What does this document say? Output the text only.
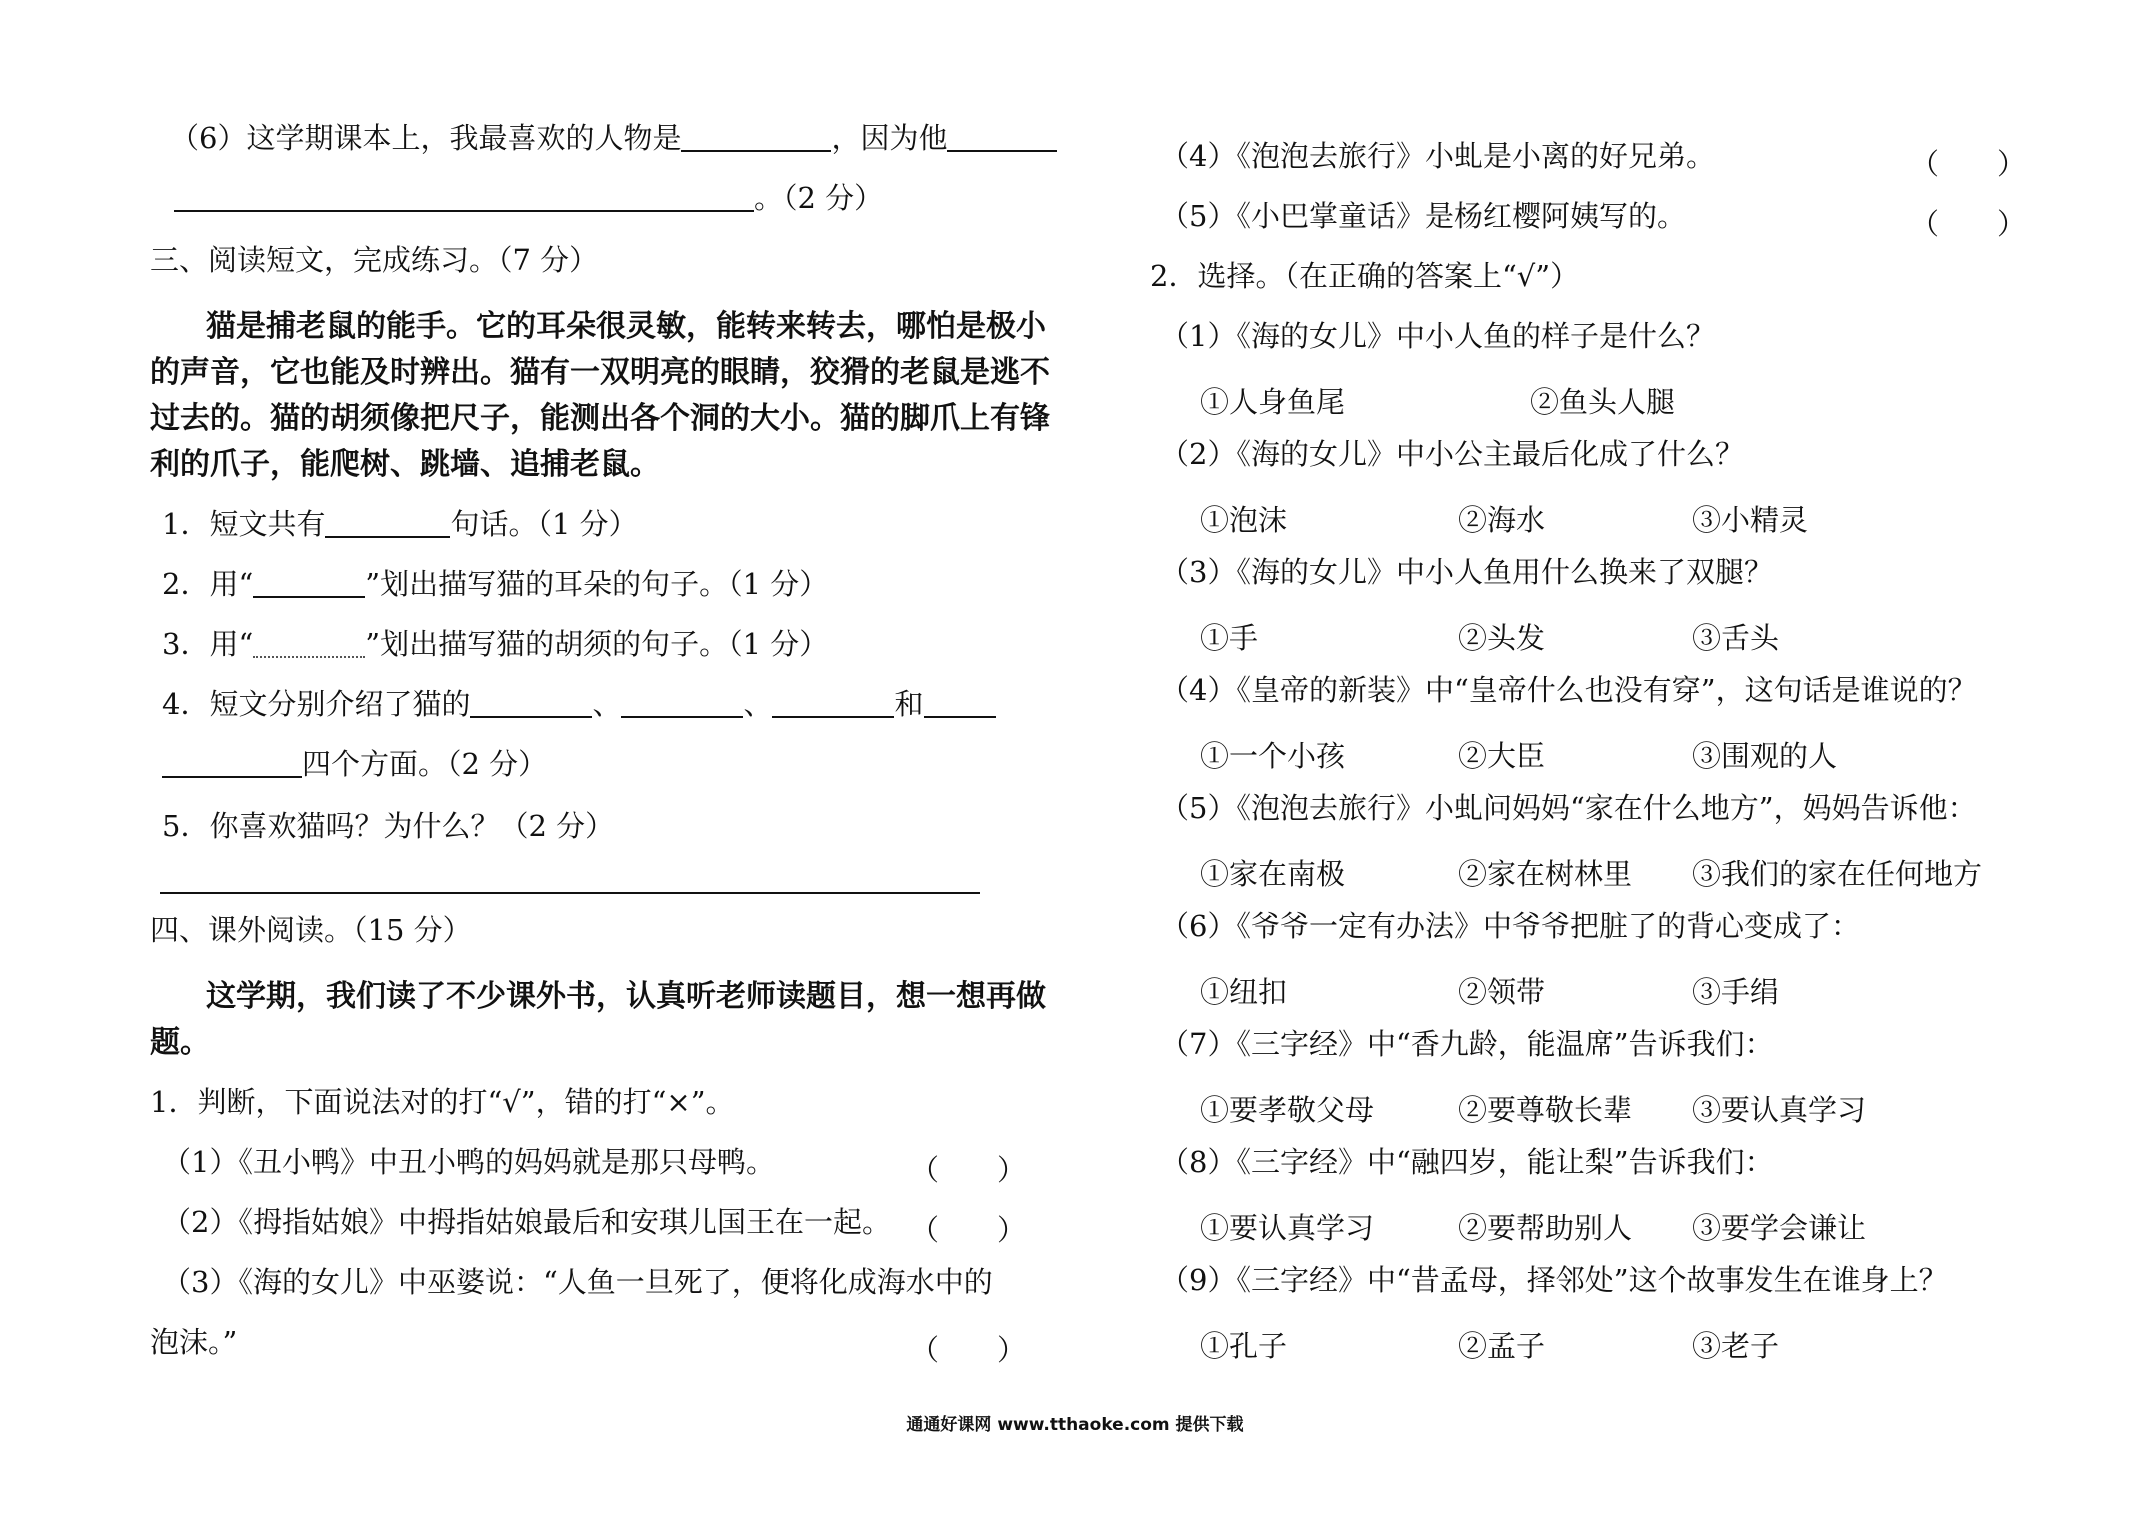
（6）这学期课本上，我最喜欢的人物是	，因为他
。（2 分）
三、阅读短文，完成练习。（7 分）
猫是捕老鼠的能手。它的耳朵很灵敏，能转来转去，哪怕是极小
的声音，它也能及时辨出。猫有一双明亮的眼睛，狡猾的老鼠是逃不
过去的。猫的胡须像把尺子，能测出各个洞的大小。猫的脚爪上有锋
利的爪子，能爬树、跳墙、追捕老鼠。
1．短文共有	句话。（1 分）
2．用“	”划出描写猫的耳朵的句子。（1 分）
3．用“	”划出描写猫的胡须的句子。（1 分）
4．短文分别介绍了猫的	、	、	和
四个方面。（2 分）
5．你喜欢猫吗？为什么？（2 分）
四、课外阅读。（15 分）
这学期，我们读了不少课外书，认真听老师读题目，想一想再做
题。
1．判断，下面说法对的打“√”，错的打“×”。
（1）《丑小鸭》中丑小鸭的妈妈就是那只母鸭。	（　　）
（2）《拇指姑娘》中拇指姑娘最后和安琪儿国王在一起。 （　　）
（3）《海的女儿》中巫婆说：“人鱼一旦死了，便将化成海水中的
泡沫。”	（　　）
（4）《泡泡去旅行》小虬是小离的好兄弟。	（　　）
（5）《小巴掌童话》是杨红樱阿姨写的。	（　　）
2．选择。（在正确的答案上“√”）
（1）《海的女儿》中小人鱼的样子是什么？
①人身鱼尾	②鱼头人腿
（2）《海的女儿》中小公主最后化成了什么？
①泡沫	②海水	③小精灵
（3）《海的女儿》中小人鱼用什么换来了双腿？
①手	②头发	③舌头
（4）《皇帝的新装》中“皇帝什么也没有穿”，这句话是谁说的？
①一个小孩	②大臣	③围观的人
（5）《泡泡去旅行》小虬问妈妈“家在什么地方”，妈妈告诉他：
①家在南极	②家在树林里 ③我们的家在任何地方
（6）《爷爷一定有办法》中爷爷把脏了的背心变成了：
①纽扣	②领带	③手绢
（7）《三字经》中“香九龄，能温席”告诉我们：
①要孝敬父母	②要尊敬长辈 ③要认真学习
（8）《三字经》中“融四岁，能让梨”告诉我们：
①要认真学习	②要帮助别人 ③要学会谦让
（9）《三字经》中“昔孟母，择邻处”这个故事发生在谁身上？
①孔子	②孟子	③老子
通通好课网 www.tthaoke.com 提供下载
